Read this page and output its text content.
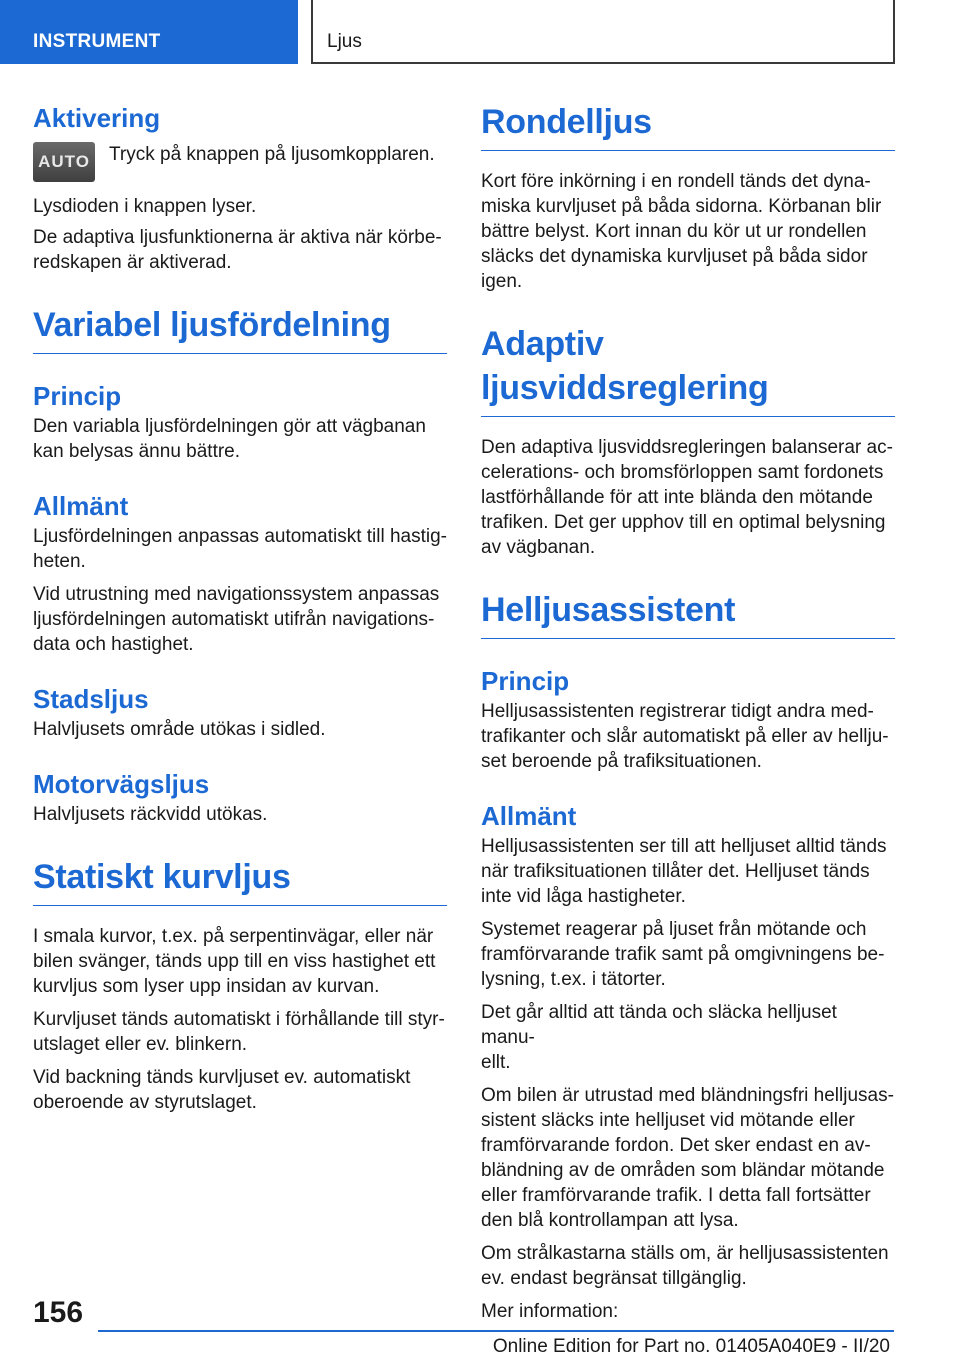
INSTRUMENT	Ljus
Aktivering
AUTO Tryck på knappen på ljusomkopplaren.

Lysdioden i knappen lyser.

De adaptiva ljusfunktionerna är aktiva när körbe‐

redskapen är aktiverad.

Variabel ljusfördelning
Princip

Den variabla ljusfördelningen gör att vägbanan

kan belysas ännu bättre.

Allmänt

Ljusfördelningen anpassas automatiskt till hastig‐

heten.

Vid utrustning med navigationssystem anpassas

ljusfördelningen automatiskt utifrån navigations‐

data och hastighet.

Stadsljus

Halvljusets område utökas i sidled.

Motorvägsljus

Halvljusets räckvidd utökas.

Statiskt kurvljus

I smala kurvor, t.ex. på serpentinvägar, eller när

bilen svänger, tänds upp till en viss hastighet ett

kurvljus som lyser upp insidan av kurvan.

Kurvljuset tänds automatiskt i förhållande till styr‐

utslaget eller ev. blinkern.

Vid backning tänds kurvljuset ev. automatiskt

oberoende av styrutslaget.

Rondelljus

Kort före inkörning i en rondell tänds det dyna‐

miska kurvljuset på båda sidorna. Körbanan blir

bättre belyst. Kort innan du kör ut ur rondellen

släcks det dynamiska kurvljuset på båda sidor

igen.

Adaptiv ljusviddsreglering

Den adaptiva ljusviddsregleringen balanserar ac‐

celerations- och bromsförloppen samt fordonets

lastförhållande för att inte blända den mötande

trafiken. Det ger upphov till en optimal belysning

av vägbanan.

Helljusassistent
Princip

Helljusassistenten registrerar tidigt andra med‐

trafikanter och slår automatiskt på eller av hellju‐

set beroende på trafiksituationen.

Allmänt

Helljusassistenten ser till att helljuset alltid tänds

när trafiksituationen tillåter det. Helljuset tänds

inte vid låga hastigheter.

Systemet reagerar på ljuset från mötande och

framförvarande trafik samt på omgivningens be‐

lysning, t.ex. i tätorter.

Det går alltid att tända och släcka helljuset manu‐

ellt.

Om bilen är utrustad med bländningsfri helljusas‐

sistent släcks inte helljuset vid mötande eller

framförvarande fordon. Det sker endast en av‐

bländning av de områden som bländar mötande

eller framförvarande trafik. I detta fall fortsätter

den blå kontrollampan att lysa.

Om strålkastarna ställs om, är helljusassistenten

ev. endast begränsat tillgänglig.

Mer information:

156
Online Edition for Part no. 01405A040E9 - II/20
